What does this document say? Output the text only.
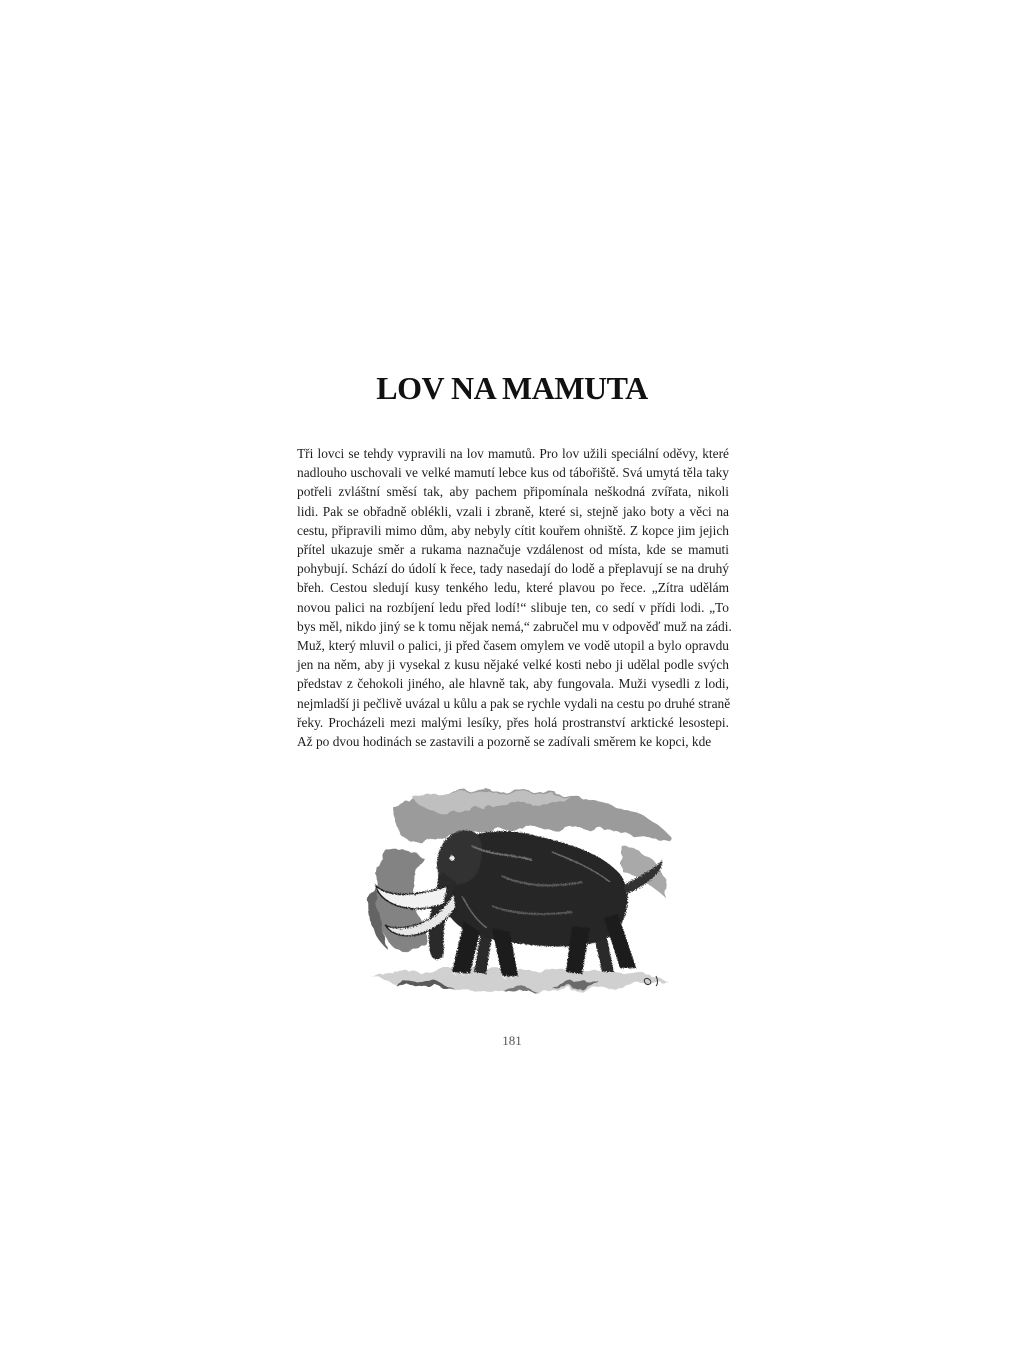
LOV NA MAMUTA
Tři lovci se tehdy vypravili na lov mamutů. Pro lov užili speciální oděvy, které
nadlouho uschovali ve velké mamutí lebce kus od tábořiště. Svá umytá těla taky
potřeli zvláštní směsí tak, aby pachem připomínala neškodná zvířata, nikoli
lidi. Pak se obřadně oblékli, vzali i zbraně, které si, stejně jako boty a věci na
cestu, připravili mimo dům, aby nebyly cítit kouřem ohniště. Z kopce jim jejich
přítel ukazuje směr a rukama naznačuje vzdálenost od místa, kde se mamuti
pohybují. Schází do údolí k řece, tady nasedají do lodě a přeplavují se na druhý
břeh. Cestou sledují kusy tenkého ledu, které plavou po řece. „Zítra udělám
novou palici na rozbíjení ledu před lodí!“ slibuje ten, co sedí v přídi lodi. „To
bys měl, nikdo jiný se k tomu nějak nemá,“ zabručel mu v odpověď muž na zádi.
Muž, který mluvil o palici, ji před časem omylem ve vodě utopil a bylo opravdu
jen na něm, aby ji vysekal z kusu nějaké velké kosti nebo ji udělal podle svých
představ z čehokoli jiného, ale hlavně tak, aby fungovala. Muži vysedli z lodi,
nejmladší ji pečlivě uvázal u kůlu a pak se rychle vydali na cestu po druhé straně
řeky. Procházeli mezi malými lesíky, přes holá prostranství arktické lesostepi.
Až po dvou hodinách se zastavili a pozorně se zadívali směrem ke kopci, kde
181
